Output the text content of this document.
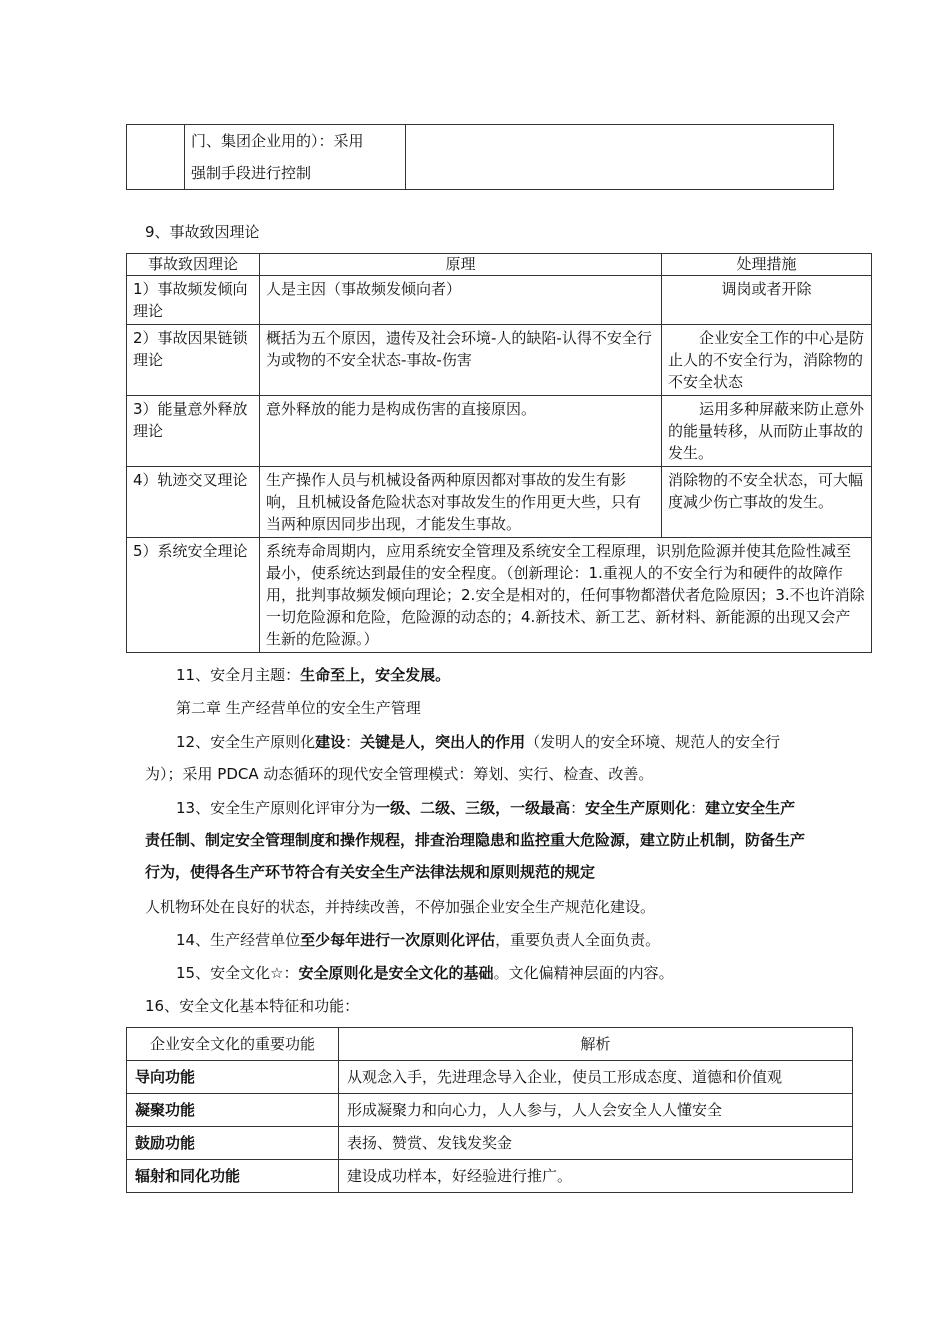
门、集团企业用的）：采用
强制手段进行控制

9、事故致因理论

事故致因理论	原理	处理措施
1）事故频发倾向理论	人是主因（事故频发倾向者）	调岗或者开除
2）事故因果链锁理论	概括为五个原因，遗传及社会环境-人的缺陷-认得不安全行为或物的不安全状态-事故-伤害	企业安全工作的中心是防止人的不安全行为，消除物的不安全状态
3）能量意外释放理论	意外释放的能力是构成伤害的直接原因。	运用多种屏蔽来防止意外的能量转移，从而防止事故的发生。
4）轨迹交叉理论	生产操作人员与机械设备两种原因都对事故的发生有影响，且机械设备危险状态对事故发生的作用更大些，只有当两种原因同步出现，才能发生事故。	消除物的不安全状态，可大幅度减少伤亡事故的发生。
5）系统安全理论	系统寿命周期内，应用系统安全管理及系统安全工程原理，识别危险源并使其危险性减至最小，使系统达到最佳的安全程度。（创新理论：1.重视人的不安全行为和硬件的故障作用，批判事故频发倾向理论；2.安全是相对的，任何事物都潜伏者危险原因；3.不也许消除一切危险源和危险，危险源的动态的；4.新技术、新工艺、新材料、新能源的出现又会产生新的危险源。）	

11、安全月主题：生命至上，安全发展。

第二章 生产经营单位的安全生产管理

12、安全生产原则化建设：关键是人，突出人的作用（发明人的安全环境、规范人的安全行为）；采用 PDCA 动态循环的现代安全管理模式：筹划、实行、检查、改善。

13、安全生产原则化评审分为一级、二级、三级，一级最高：安全生产原则化：建立安全生产责任制、制定安全管理制度和操作规程，排查治理隐患和监控重大危险源，建立防止机制，防备生产行为，使得各生产环节符合有关安全生产法律法规和原则规范的规定

人机物环处在良好的状态，并持续改善，不停加强企业安全生产规范化建设。

14、生产经营单位至少每年进行一次原则化评估，重要负责人全面负责。

15、安全文化☆：安全原则化是安全文化的基础。文化偏精神层面的内容。

16、安全文化基本特征和功能：

企业安全文化的重要功能	解析
导向功能	从观念入手，先进理念导入企业，使员工形成态度、道德和价值观
凝聚功能	形成凝聚力和向心力，人人参与，人人会安全人人懂安全
鼓励功能	表扬、赞赏、发钱发奖金
辐射和同化功能	建设成功样本，好经验进行推广。
